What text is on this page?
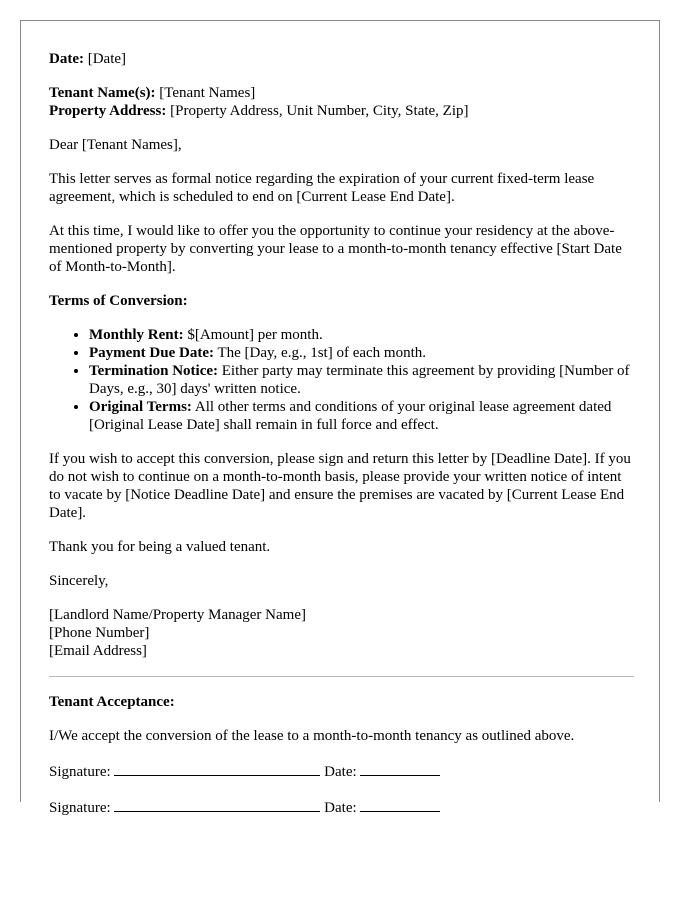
Date: [Date]

Tenant Name(s): [Tenant Names]
Property Address: [Property Address, Unit Number, City, State, Zip]

Dear [Tenant Names],

This letter serves as formal notice regarding the expiration of your current fixed-term lease agreement, which is scheduled to end on [Current Lease End Date].

At this time, I would like to offer you the opportunity to continue your residency at the above-mentioned property by converting your lease to a month-to-month tenancy effective [Start Date of Month-to-Month].

Terms of Conversion:

• Monthly Rent: $[Amount] per month.
• Payment Due Date: The [Day, e.g., 1st] of each month.
• Termination Notice: Either party may terminate this agreement by providing [Number of Days, e.g., 30] days' written notice.
• Original Terms: All other terms and conditions of your original lease agreement dated [Original Lease Date] shall remain in full force and effect.

If you wish to accept this conversion, please sign and return this letter by [Deadline Date]. If you do not wish to continue on a month-to-month basis, please provide your written notice of intent to vacate by [Notice Deadline Date] and ensure the premises are vacated by [Current Lease End Date].

Thank you for being a valued tenant.

Sincerely,

[Landlord Name/Property Manager Name]
[Phone Number]
[Email Address]

Tenant Acceptance:

I/We accept the conversion of the lease to a month-to-month tenancy as outlined above.

Signature:	Date:
Signature:	Date:
